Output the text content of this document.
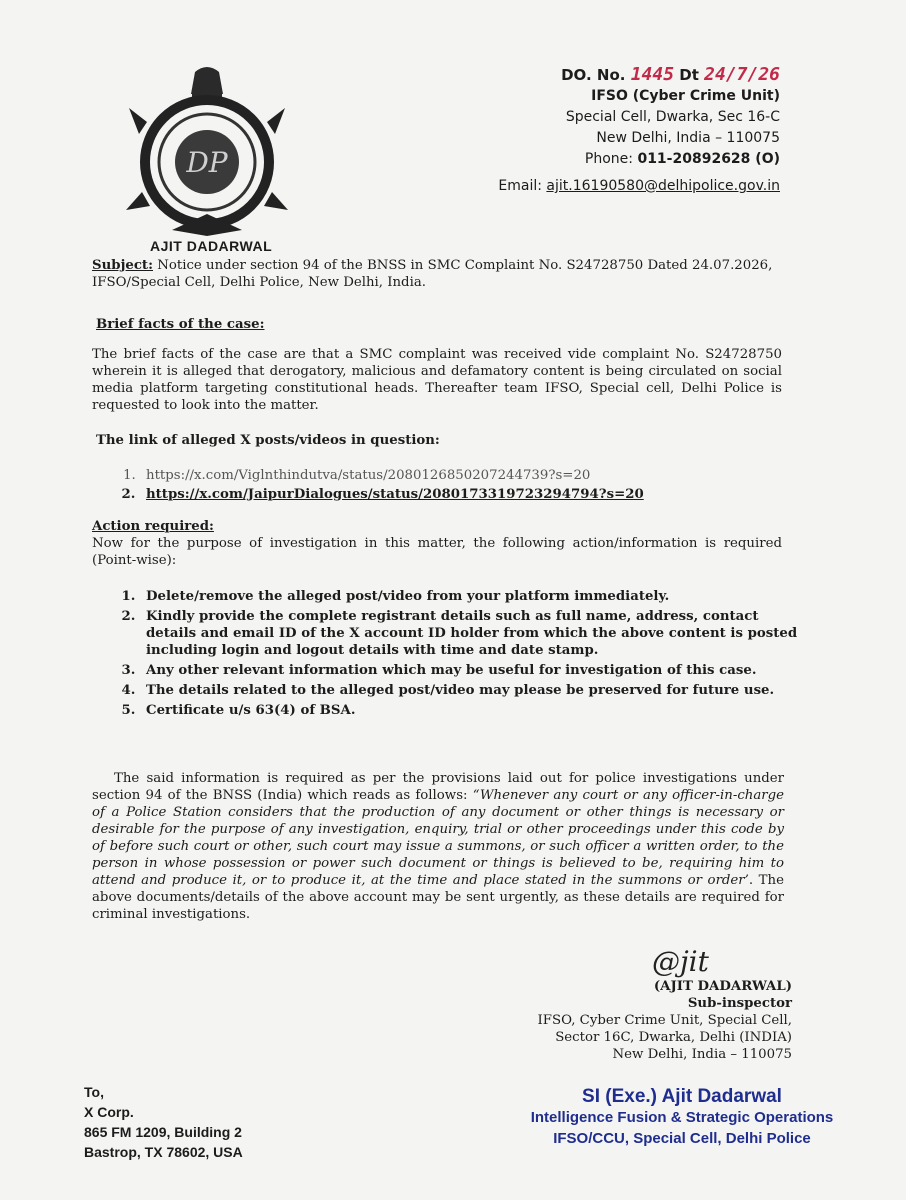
DP
AJIT DADARWAL
DO. No. 1445 Dt 24/7/26
IFSO (Cyber Crime Unit)
Special Cell, Dwarka, Sec 16-C
New Delhi, India – 110075
Phone: 011-20892628 (O)
Email: ajit.16190580@delhipolice.gov.in
Subject: Notice under section 94 of the BNSS in SMC Complaint No. S24728750 Dated 24.07.2026, IFSO/Special Cell, Delhi Police, New Delhi, India.
Brief facts of the case:
The brief facts of the case are that a SMC complaint was received vide complaint No. S24728750 wherein it is alleged that derogatory, malicious and defamatory content is being circulated on social media platform targeting constitutional heads. Thereafter team IFSO, Special cell, Delhi Police is requested to look into the matter.
The link of alleged X posts/videos in question:
1. https://x.com/Viglnthindutva/status/2080126850207244739?s=20
2. https://x.com/JaipurDialogues/status/2080173319723294794?s=20
Action required:
Now for the purpose of investigation in this matter, the following action/information is required (Point-wise):
1. Delete/remove the alleged post/video from your platform immediately.
2. Kindly provide the complete registrant details such as full name, address, contact details and email ID of the X account ID holder from which the above content is posted including login and logout details with time and date stamp.
3. Any other relevant information which may be useful for investigation of this case.
4. The details related to the alleged post/video may please be preserved for future use.
5. Certificate u/s 63(4) of BSA.
The said information is required as per the provisions laid out for police investigations under section 94 of the BNSS (India) which reads as follows: “Whenever any court or any officer-in-charge of a Police Station considers that the production of any document or other things is necessary or desirable for the purpose of any investigation, enquiry, trial or other proceedings under this code by of before such court or other, such court may issue a summons, or such officer a written order, to the person in whose possession or power such document or things is believed to be, requiring him to attend and produce it, or to produce it, at the time and place stated in the summons or order’. The above documents/details of the above account may be sent urgently, as these details are required for criminal investigations.
@jit
(AJIT DADARWAL)
Sub-inspector
IFSO, Cyber Crime Unit, Special Cell,
Sector 16C, Dwarka, Delhi (INDIA)
New Delhi, India – 110075
To,
X Corp.
865 FM 1209, Building 2
Bastrop, TX 78602, USA
SI (Exe.) Ajit Dadarwal
Intelligence Fusion & Strategic Operations
IFSO/CCU, Special Cell, Delhi Police
